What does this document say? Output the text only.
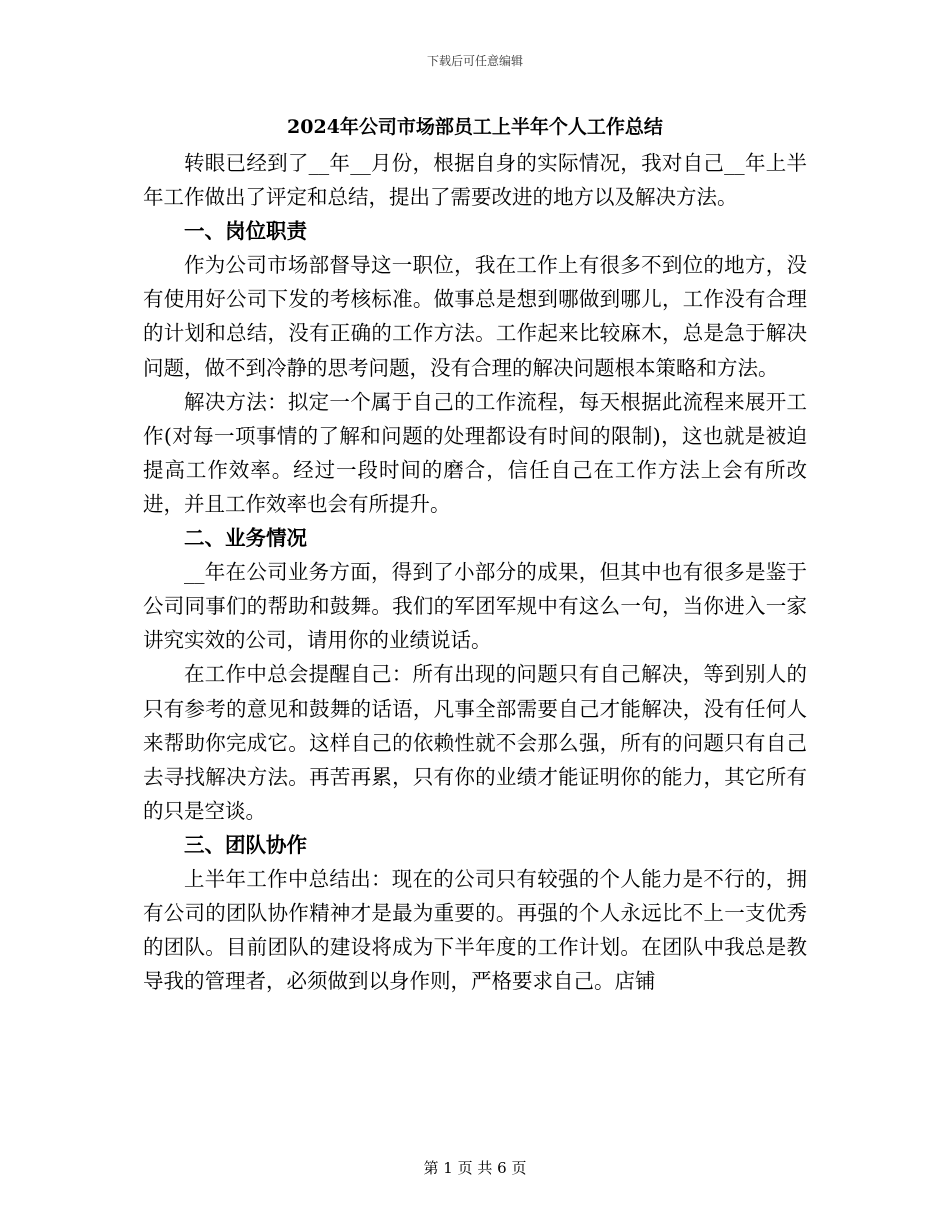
下载后可任意编辑
2024年公司市场部员工上半年个人工作总结

转眼已经到了__年__月份，根据自身的实际情况，我对自己__年上半年工作做出了评定和总结，提出了需要改进的地方以及解决方法。

一、岗位职责

作为公司市场部督导这一职位，我在工作上有很多不到位的地方，没有使用好公司下发的考核标准。做事总是想到哪做到哪儿，工作没有合理的计划和总结，没有正确的工作方法。工作起来比较麻木，总是急于解决问题，做不到冷静的思考问题，没有合理的解决问题根本策略和方法。

解决方法：拟定一个属于自己的工作流程，每天根据此流程来展开工作(对每一项事情的了解和问题的处理都设有时间的限制)，这也就是被迫提高工作效率。经过一段时间的磨合，信任自己在工作方法上会有所改进，并且工作效率也会有所提升。

二、业务情况

__年在公司业务方面，得到了小部分的成果，但其中也有很多是鉴于公司同事们的帮助和鼓舞。我们的军团军规中有这么一句，当你进入一家讲究实效的公司，请用你的业绩说话。

在工作中总会提醒自己：所有出现的问题只有自己解决，等到别人的只有参考的意见和鼓舞的话语，凡事全部需要自己才能解决，没有任何人来帮助你完成它。这样自己的依赖性就不会那么强，所有的问题只有自己去寻找解决方法。再苦再累，只有你的业绩才能证明你的能力，其它所有的只是空谈。

三、团队协作

上半年工作中总结出：现在的公司只有较强的个人能力是不行的，拥有公司的团队协作精神才是最为重要的。再强的个人永远比不上一支优秀的团队。目前团队的建设将成为下半年度的工作计划。在团队中我总是教导我的管理者，必须做到以身作则，严格要求自己。店铺

第 1 页 共 6 页
